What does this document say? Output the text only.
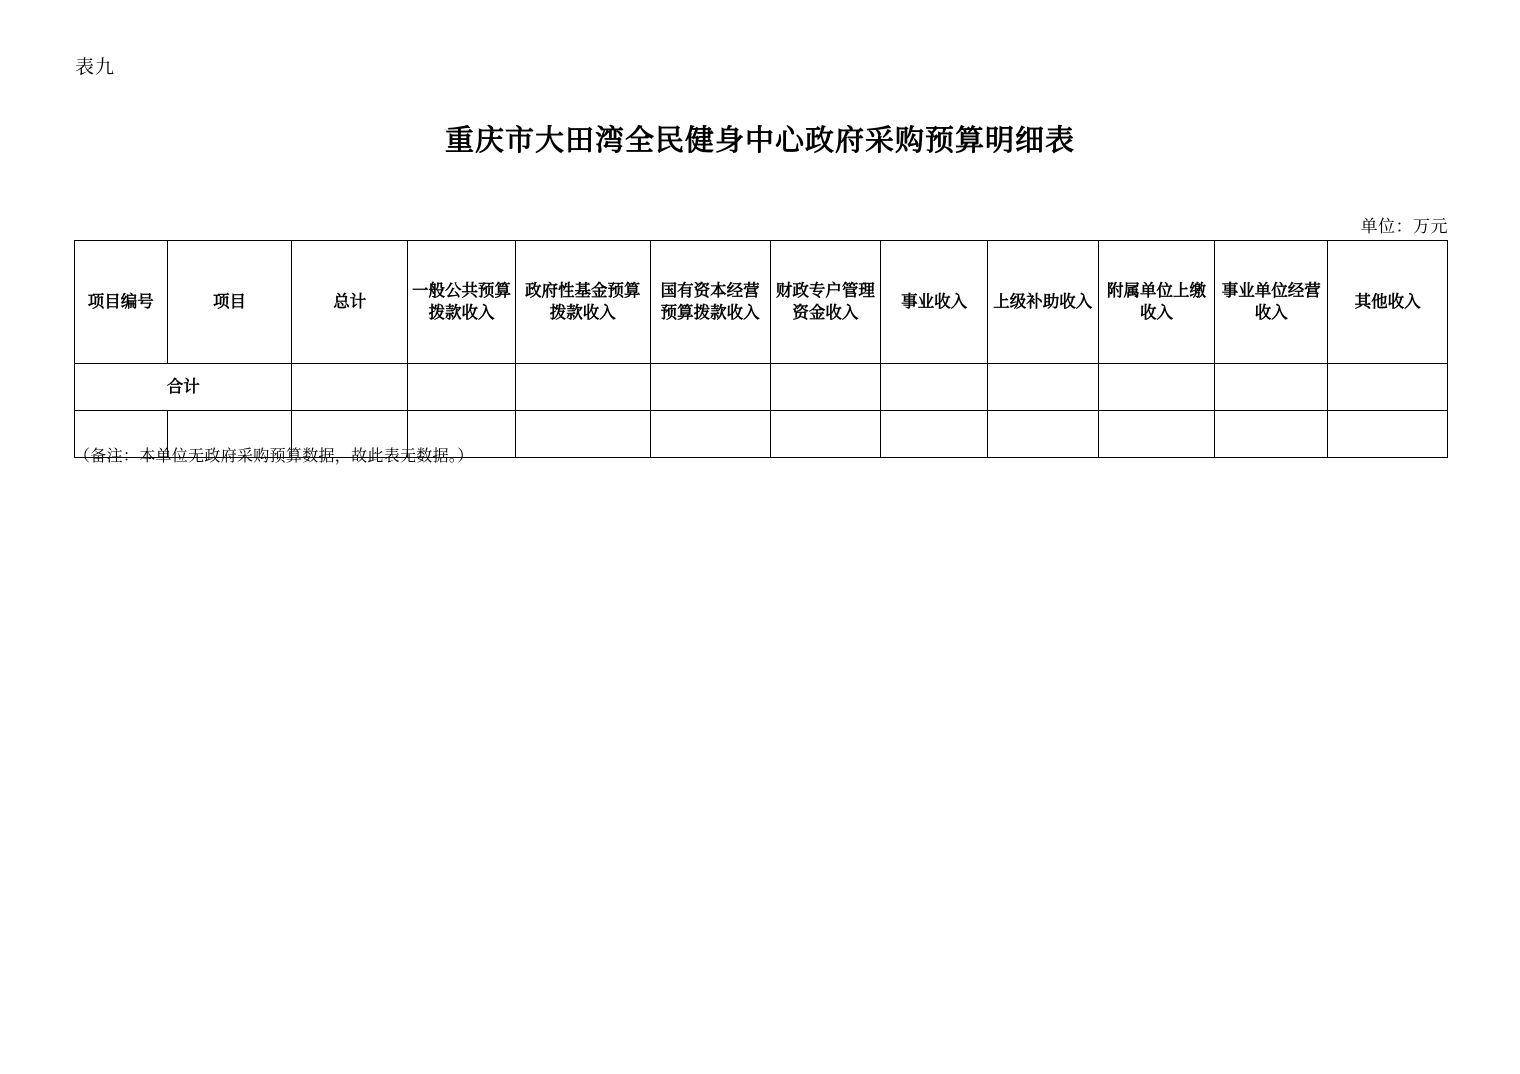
表九
重庆市大田湾全民健身中心政府采购预算明细表
单位：万元
项目编号	项目	总计	一般公共预算拨款收入	政府性基金预算拨款收入	国有资本经营预算拨款收入	财政专户管理资金收入	事业收入	上级补助收入	附属单位上缴收入	事业单位经营收入	其他收入
合计											

（备注：本单位无政府采购预算数据，故此表无数据。）
